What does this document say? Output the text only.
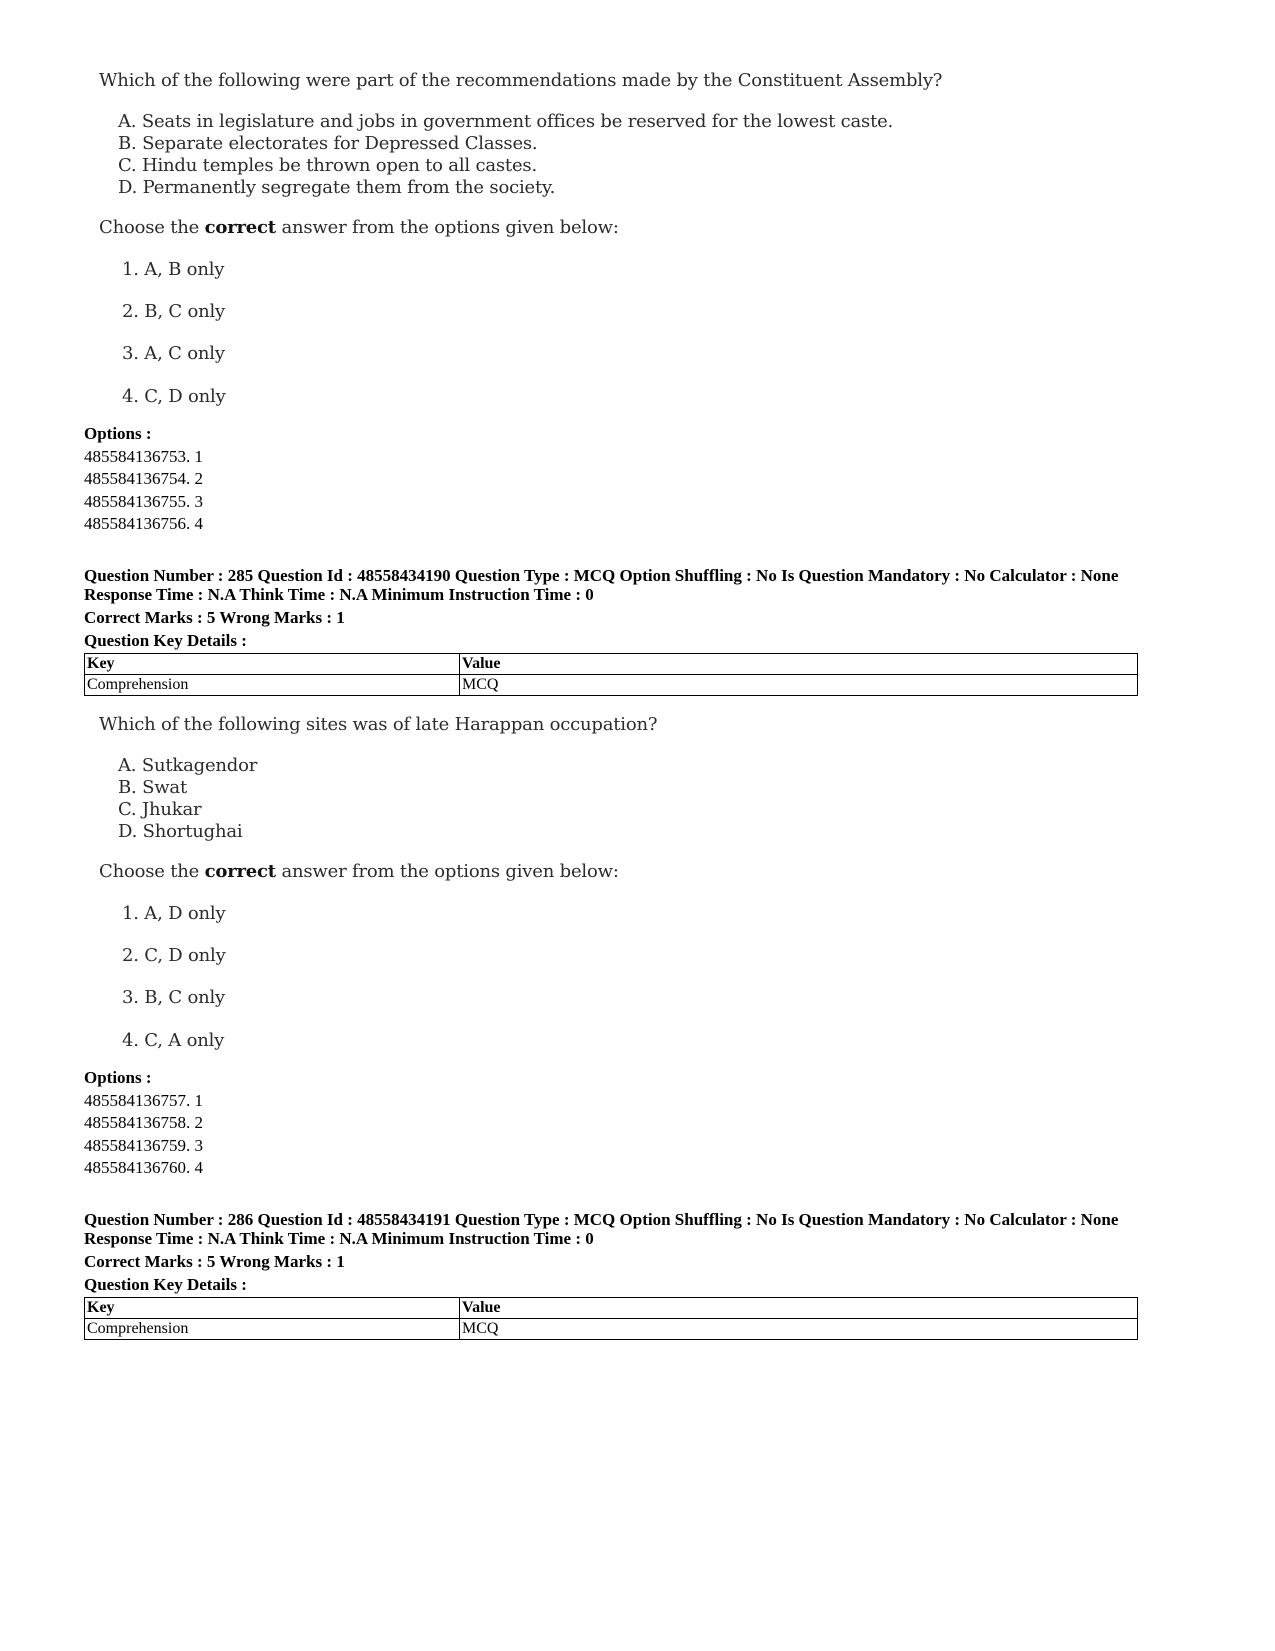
Which of the following were part of the recommendations made by the Constituent Assembly?
A. Seats in legislature and jobs in government offices be reserved for the lowest caste.
B. Separate electorates for Depressed Classes.
C. Hindu temples be thrown open to all castes.
D. Permanently segregate them from the society.
Choose the correct answer from the options given below:
1. A, B only
2. B, C only
3. A, C only
4. C, D only
Options :
485584136753. 1
485584136754. 2
485584136755. 3
485584136756. 4
Question Number : 285 Question Id : 48558434190 Question Type : MCQ Option Shuffling : No Is Question Mandatory : No Calculator : None
Response Time : N.A Think Time : N.A Minimum Instruction Time : 0
Correct Marks : 5 Wrong Marks : 1
Question Key Details :
Key	Value
Comprehension	MCQ
Which of the following sites was of late Harappan occupation?
A. Sutkagendor
B. Swat
C. Jhukar
D. Shortughai
Choose the correct answer from the options given below:
1. A, D only
2. C, D only
3. B, C only
4. C, A only
Options :
485584136757. 1
485584136758. 2
485584136759. 3
485584136760. 4
Question Number : 286 Question Id : 48558434191 Question Type : MCQ Option Shuffling : No Is Question Mandatory : No Calculator : None
Response Time : N.A Think Time : N.A Minimum Instruction Time : 0
Correct Marks : 5 Wrong Marks : 1
Question Key Details :
Key	Value
Comprehension	MCQ
